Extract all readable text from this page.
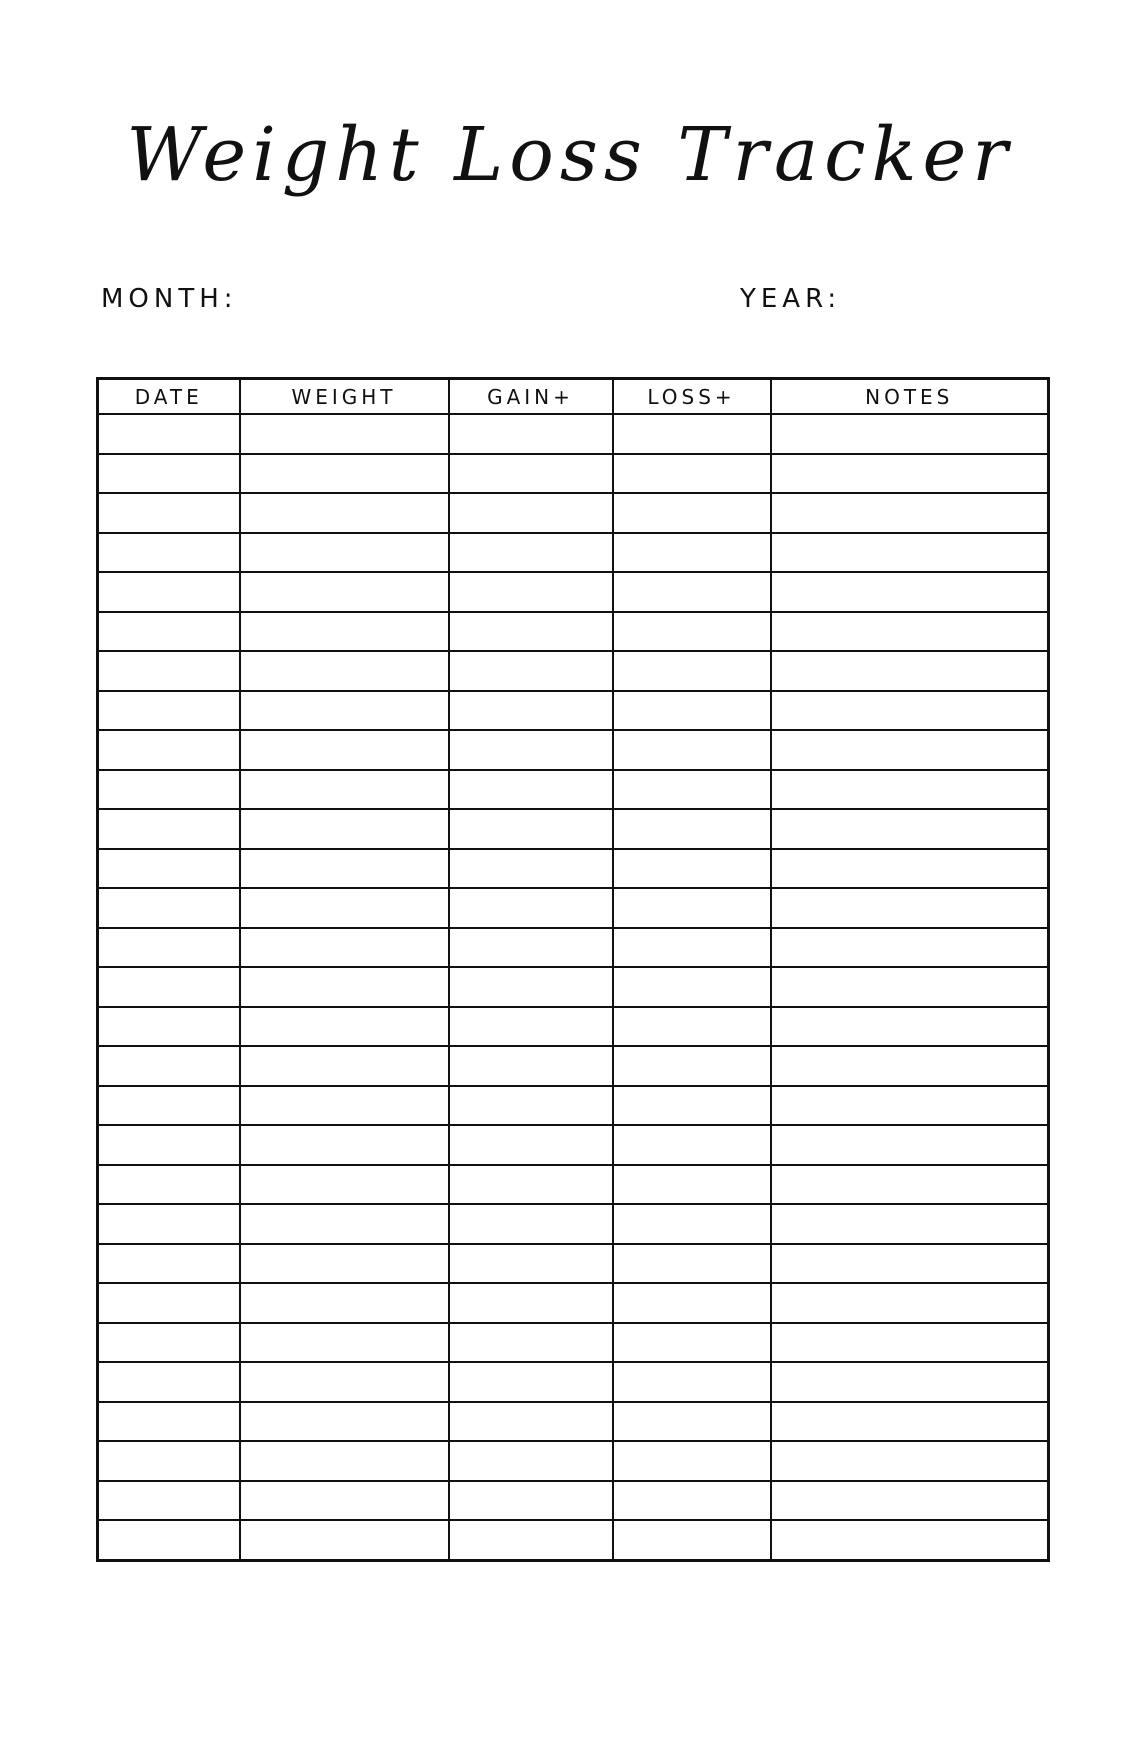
Weight Loss Tracker
MONTH:	YEAR:
DATE	WEIGHT	GAIN+	LOSS+	NOTES
